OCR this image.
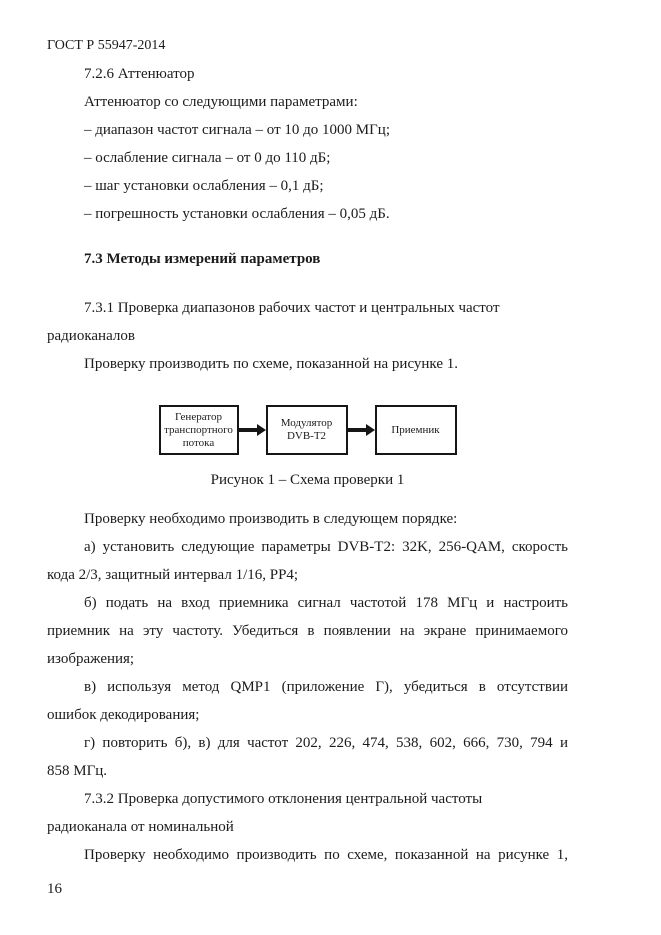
ГОСТ Р 55947-2014
7.2.6 Аттенюатор
Аттенюатор со следующими параметрами:
– диапазон частот сигнала – от 10 до 1000 МГц;
– ослабление сигнала – от 0 до 110 дБ;
– шаг установки ослабления – 0,1 дБ;
– погрешность установки ослабления – 0,05 дБ.
7.3 Методы измерений параметров
7.3.1 Проверка диапазонов рабочих частот и центральных частот
радиоканалов
Проверку производить по схеме, показанной на рисунке 1.
Генератор транспортного потока
Модулятор DVB-T2
Приемник
Рисунок 1 – Схема проверки 1
Проверку необходимо производить в следующем порядке:
а) установить следующие параметры DVB-T2: 32K, 256-QAM, скорость
кода 2/3, защитный интервал 1/16, PP4;
б) подать на вход приемника сигнал частотой 178 МГц и настроить
приемник на эту частоту. Убедиться в появлении на экране принимаемого
изображения;
в) используя метод QMP1 (приложение Г), убедиться в отсутствии
ошибок декодирования;
г) повторить б), в) для частот 202, 226, 474, 538, 602, 666, 730, 794 и
858 МГц.
7.3.2 Проверка допустимого отклонения центральной частоты
радиоканала от номинальной
Проверку необходимо производить по схеме, показанной на рисунке 1,
16
